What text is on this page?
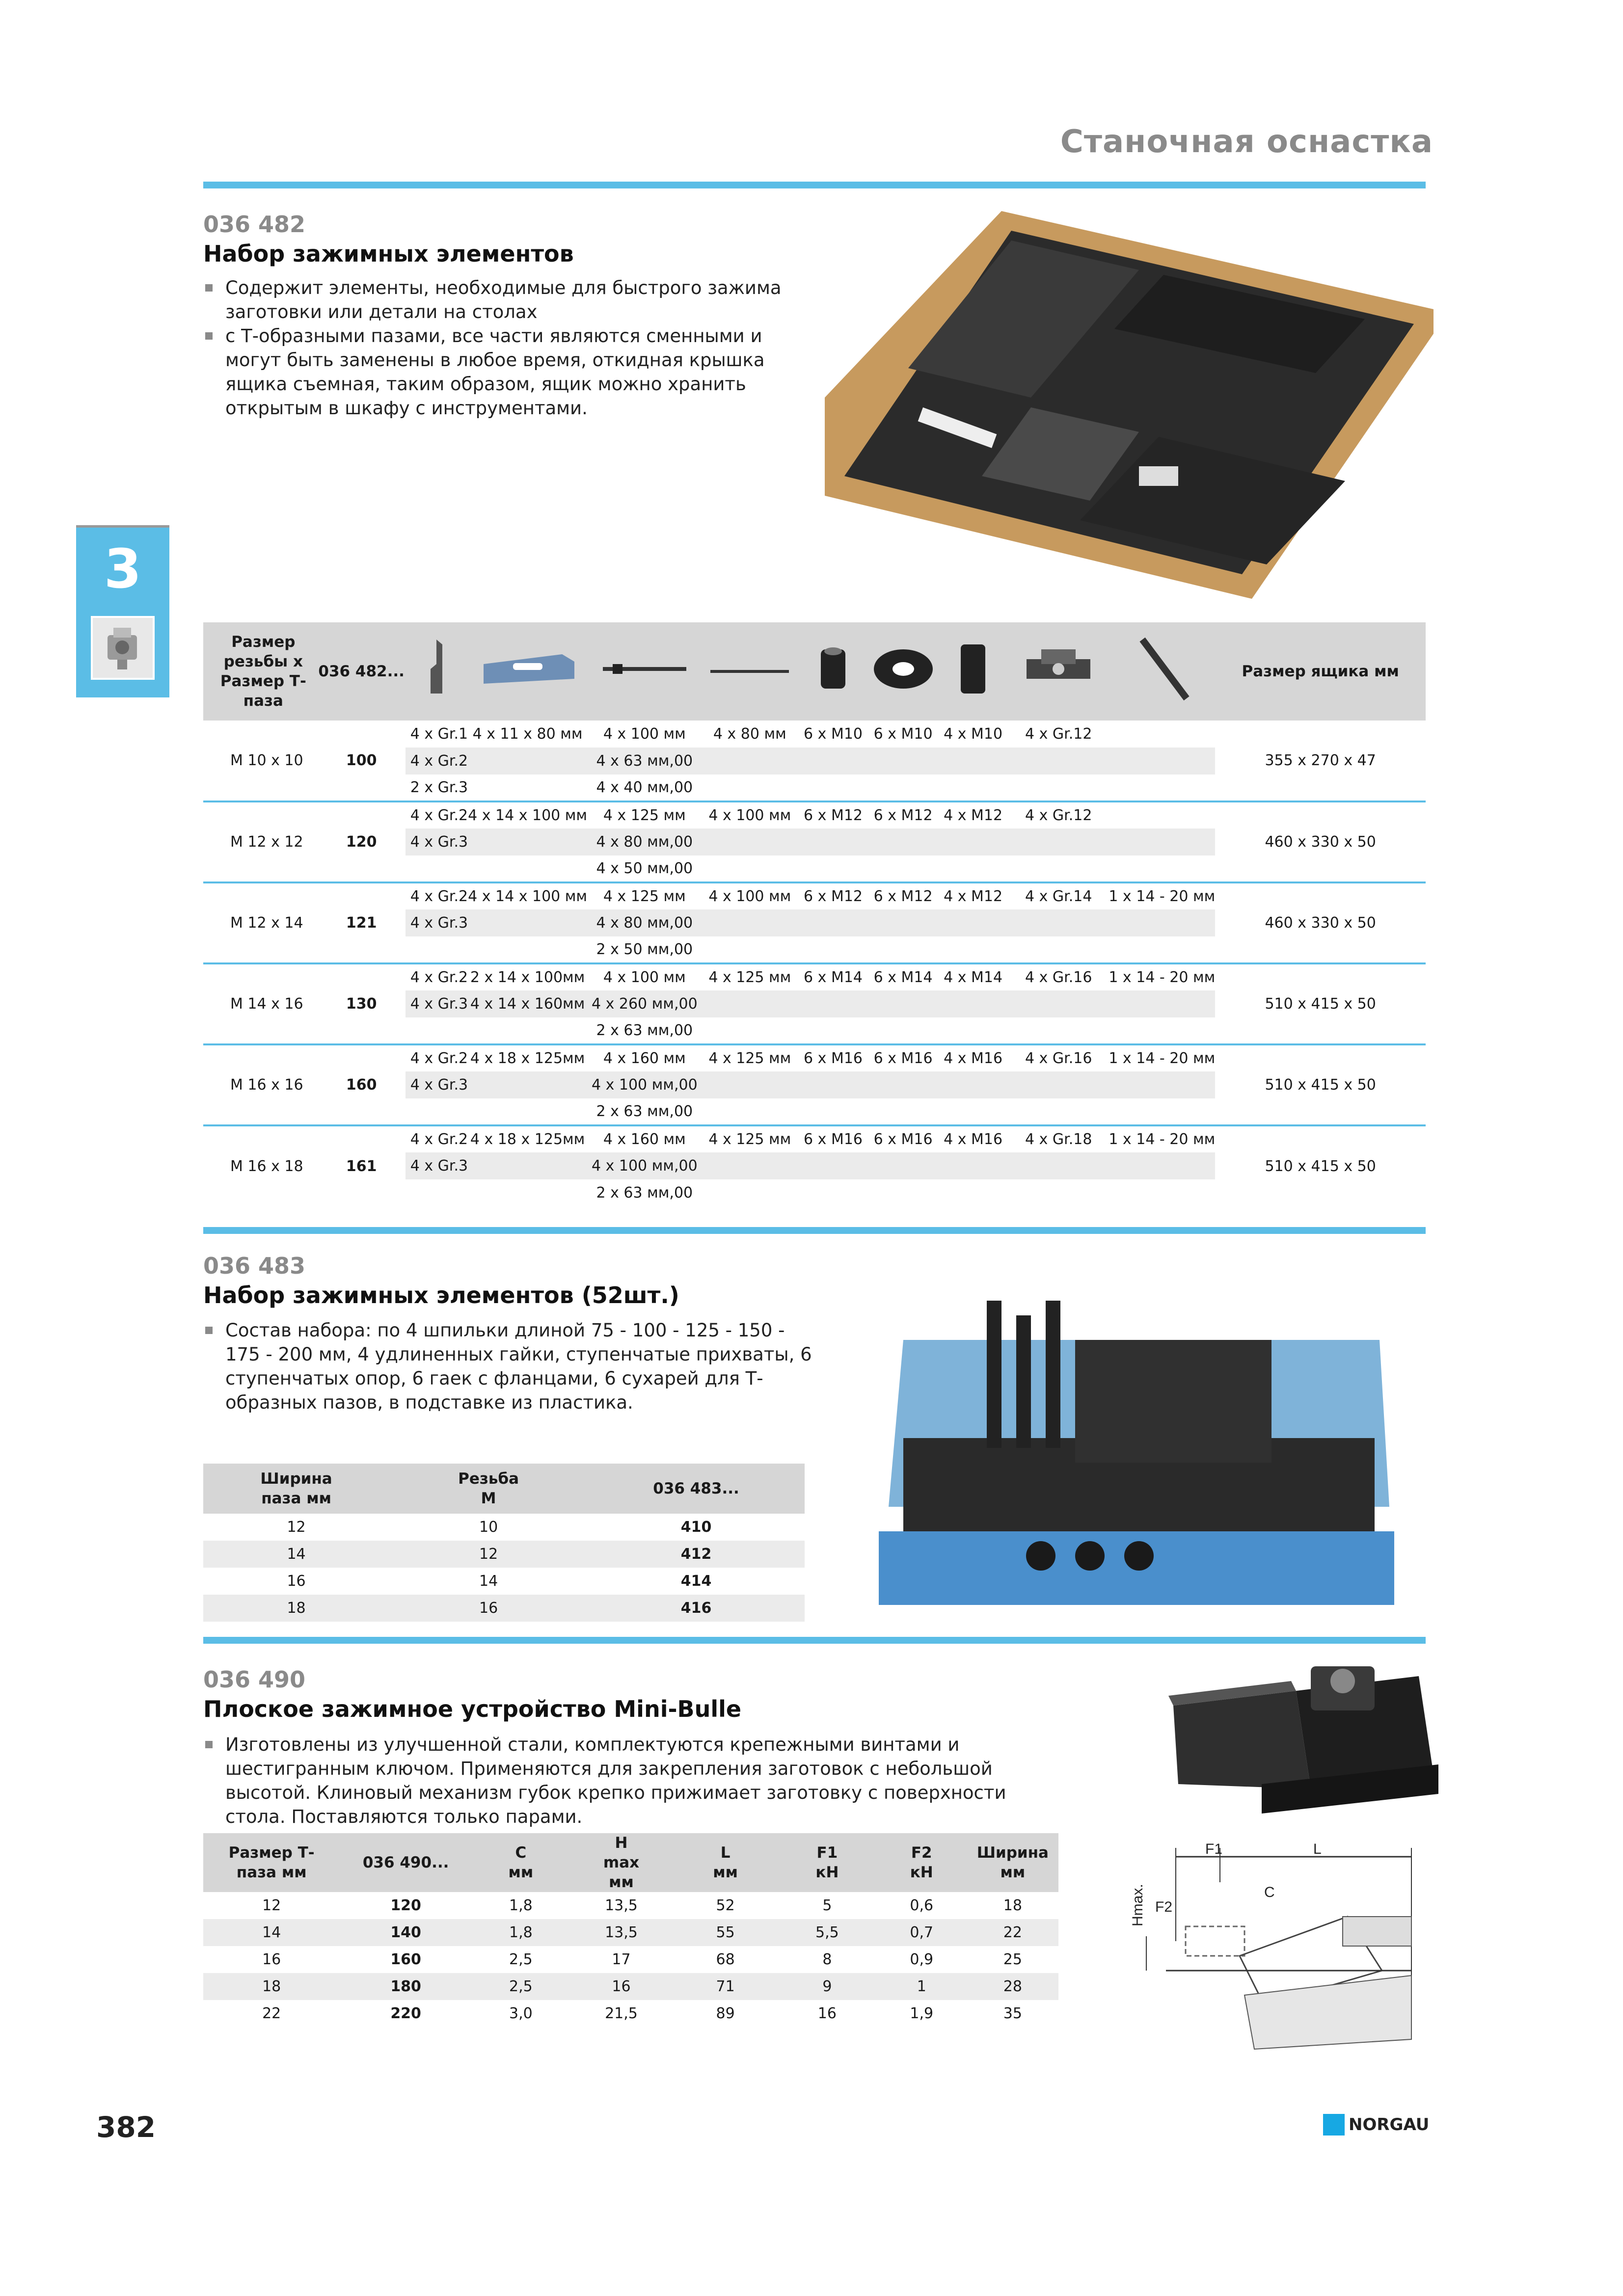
Станочная оснастка
3
036 482
Набор зажимных элементов

Содержит элементы, необходимые для быстрого зажима заготовки или детали на столах

с Т-образными пазами, все части являются сменными и могут быть заменены в любое время, откидная крышка ящика съемная, таким образом, ящик можно хранить открытым в шкафу с инструментами.

Размер резьбы x Размер Т-паза	036 482...										Размер ящика мм
M 10 x 10	100	4 x Gr.1	4 x 11 x 80 мм	4 x 100 мм	4 x 80 мм	6 x M10	6 x M10	4 x M10	4 x Gr.12		355 x 270 x 47
		4 x Gr.2		4 x 63 мм,00							
		2 x Gr.3		4 x 40 мм,00							
M 12 x 12	120	4 x Gr.2	4 x 14 x 100 мм	4 x 125 мм	4 x 100 мм	6 x M12	6 x M12	4 x M12	4 x Gr.12		460 x 330 x 50
		4 x Gr.3		4 x 80 мм,00							
				4 x 50 мм,00							
M 12 x 14	121	4 x Gr.2	4 x 14 x 100 мм	4 x 125 мм	4 x 100 мм	6 x M12	6 x M12	4 x M12	4 x Gr.14	1 x 14 - 20 мм	460 x 330 x 50
		4 x Gr.3		4 x 80 мм,00							
				2 x 50 мм,00							
M 14 x 16	130	4 x Gr.2	2 x 14 x 100мм	4 x 100 мм	4 x 125 мм	6 x M14	6 x M14	4 x M14	4 x Gr.16	1 x 14 - 20 мм	510 x 415 x 50
		4 x Gr.3	4 x 14 x 160мм	4 x 260 мм,00							
				2 x 63 мм,00							
M 16 x 16	160	4 x Gr.2	4 x 18 x 125мм	4 x 160 мм	4 x 125 мм	6 x M16	6 x M16	4 x M16	4 x Gr.16	1 x 14 - 20 мм	510 x 415 x 50
		4 x Gr.3		4 x 100 мм,00							
				2 x 63 мм,00							
M 16 x 18	161	4 x Gr.2	4 x 18 x 125мм	4 x 160 мм	4 x 125 мм	6 x M16	6 x M16	4 x M16	4 x Gr.18	1 x 14 - 20 мм	510 x 415 x 50
		4 x Gr.3		4 x 100 мм,00							
				2 x 63 мм,00							
036 483
Набор зажимных элементов (52шт.)

Состав набора: по 4 шпильки длиной 75 - 100 - 125 - 150 - 175 - 200 мм, 4 удлиненных гайки, ступенчатые прихваты, 6 ступенчатых опор, 6 гаек с фланцами, 6 сухарей для Т-образных пазов, в подставке из пластика.

Ширина паза мм	Резьба M	036 483...
12	10	410
14	12	412
16	14	414
18	16	416
036 490
Плоское зажимное устройство Mini-Bulle

Изготовлены из улучшенной стали, комплектуются крепежными винтами и шестигранным ключом. Применяются для закрепления заготовок с небольшой высотой. Клиновый механизм губок крепко прижимает заготовку с поверхности стола. Поставляются только парами.

Размер Т-паза мм	036 490...	C мм	H max мм	L мм	F1 кН	F2 кН	Ширина мм
12	120	1,8	13,5	52	5	0,6	18
14	140	1,8	13,5	55	5,5	0,7	22
16	160	2,5	17	68	8	0,9	25
18	180	2,5	16	71	9	1	28
22	220	3,0	21,5	89	16	1,9	35
F1	L
C
Hmax. F2
382	NORGAU
